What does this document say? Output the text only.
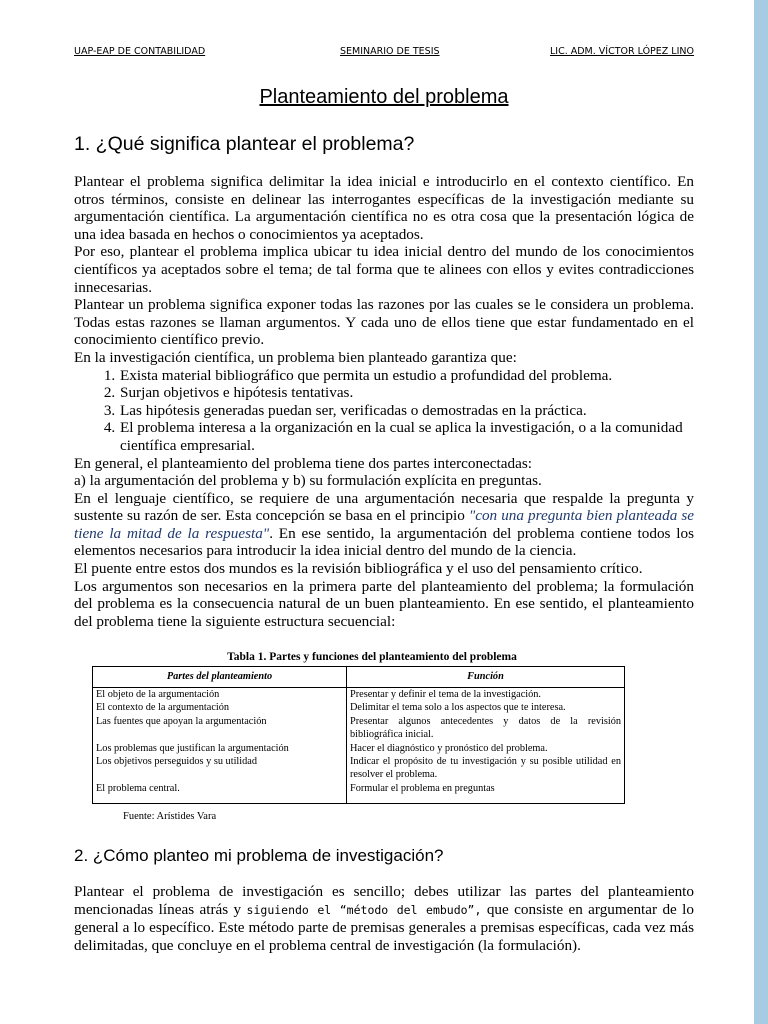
UAP-EAP DE CONTABILIDAD	SEMINARIO DE TESIS	LIC. ADM. VÍCTOR LÓPEZ LINO
Planteamiento del problema
1. ¿Qué significa plantear el problema?

Plantear el problema significa delimitar la idea inicial e introducirlo en el contexto científico. En otros términos, consiste en delinear las interrogantes específicas de la investigación mediante su argumentación científica. La argumentación científica no es otra cosa que la presentación lógica de una idea basada en hechos o conocimientos ya aceptados.

Por eso, plantear el problema implica ubicar tu idea inicial dentro del mundo de los conocimientos científicos ya aceptados sobre el tema; de tal forma que te alinees con ellos y evites contradicciones innecesarias.

Plantear un problema significa exponer todas las razones por las cuales se le considera un problema. Todas estas razones se llaman argumentos. Y cada uno de ellos tiene que estar fundamentado en el conocimiento científico previo.

En la investigación científica, un problema bien planteado garantiza que:

1. Exista material bibliográfico que permita un estudio a profundidad del problema.
2. Surjan objetivos e hipótesis tentativas.
3. Las hipótesis generadas puedan ser, verificadas o demostradas en la práctica.
4. El problema interesa a la organización en la cual se aplica la investigación, o a la comunidad científica empresarial.

En general, el planteamiento del problema tiene dos partes interconectadas:

a) la argumentación del problema y b) su formulación explícita en preguntas.

En el lenguaje científico, se requiere de una argumentación necesaria que respalde la pregunta y sustente su razón de ser. Esta concepción se basa en el principio "con una pregunta bien planteada se tiene la mitad de la respuesta". En ese sentido, la argumentación del problema contiene todos los elementos necesarios para introducir la idea inicial dentro del mundo de la ciencia.

El puente entre estos dos mundos es la revisión bibliográfica y el uso del pensamiento crítico.

Los argumentos son necesarios en la primera parte del planteamiento del problema; la formulación del problema es la consecuencia natural de un buen planteamiento. En ese sentido, el planteamiento del problema tiene la siguiente estructura secuencial:

Tabla 1. Partes y funciones del planteamiento del problema
Partes del planteamiento	Función
El objeto de la argumentación	Presentar y definir el tema de la investigación.
El contexto de la argumentación	Delimitar el tema solo a los aspectos que te interesa.
Las fuentes que apoyan la argumentación	Presentar algunos antecedentes y datos de la revisión bibliográfica inicial.
Los problemas que justifican la argumentación	Hacer el diagnóstico y pronóstico del problema.
Los objetivos perseguidos y su utilidad	Indicar el propósito de tu investigación y su posible utilidad en resolver el problema.
El problema central.	Formular el problema en preguntas
Fuente: Arístides Vara
2. ¿Cómo planteo mi problema de investigación?

Plantear el problema de investigación es sencillo; debes utilizar las partes del planteamiento mencionadas líneas atrás y siguiendo el “método del embudo”, que consiste en argumentar de lo general a lo específico. Este método parte de premisas generales a premisas específicas, cada vez más delimitadas, que concluye en el problema central de investigación (la formulación).
